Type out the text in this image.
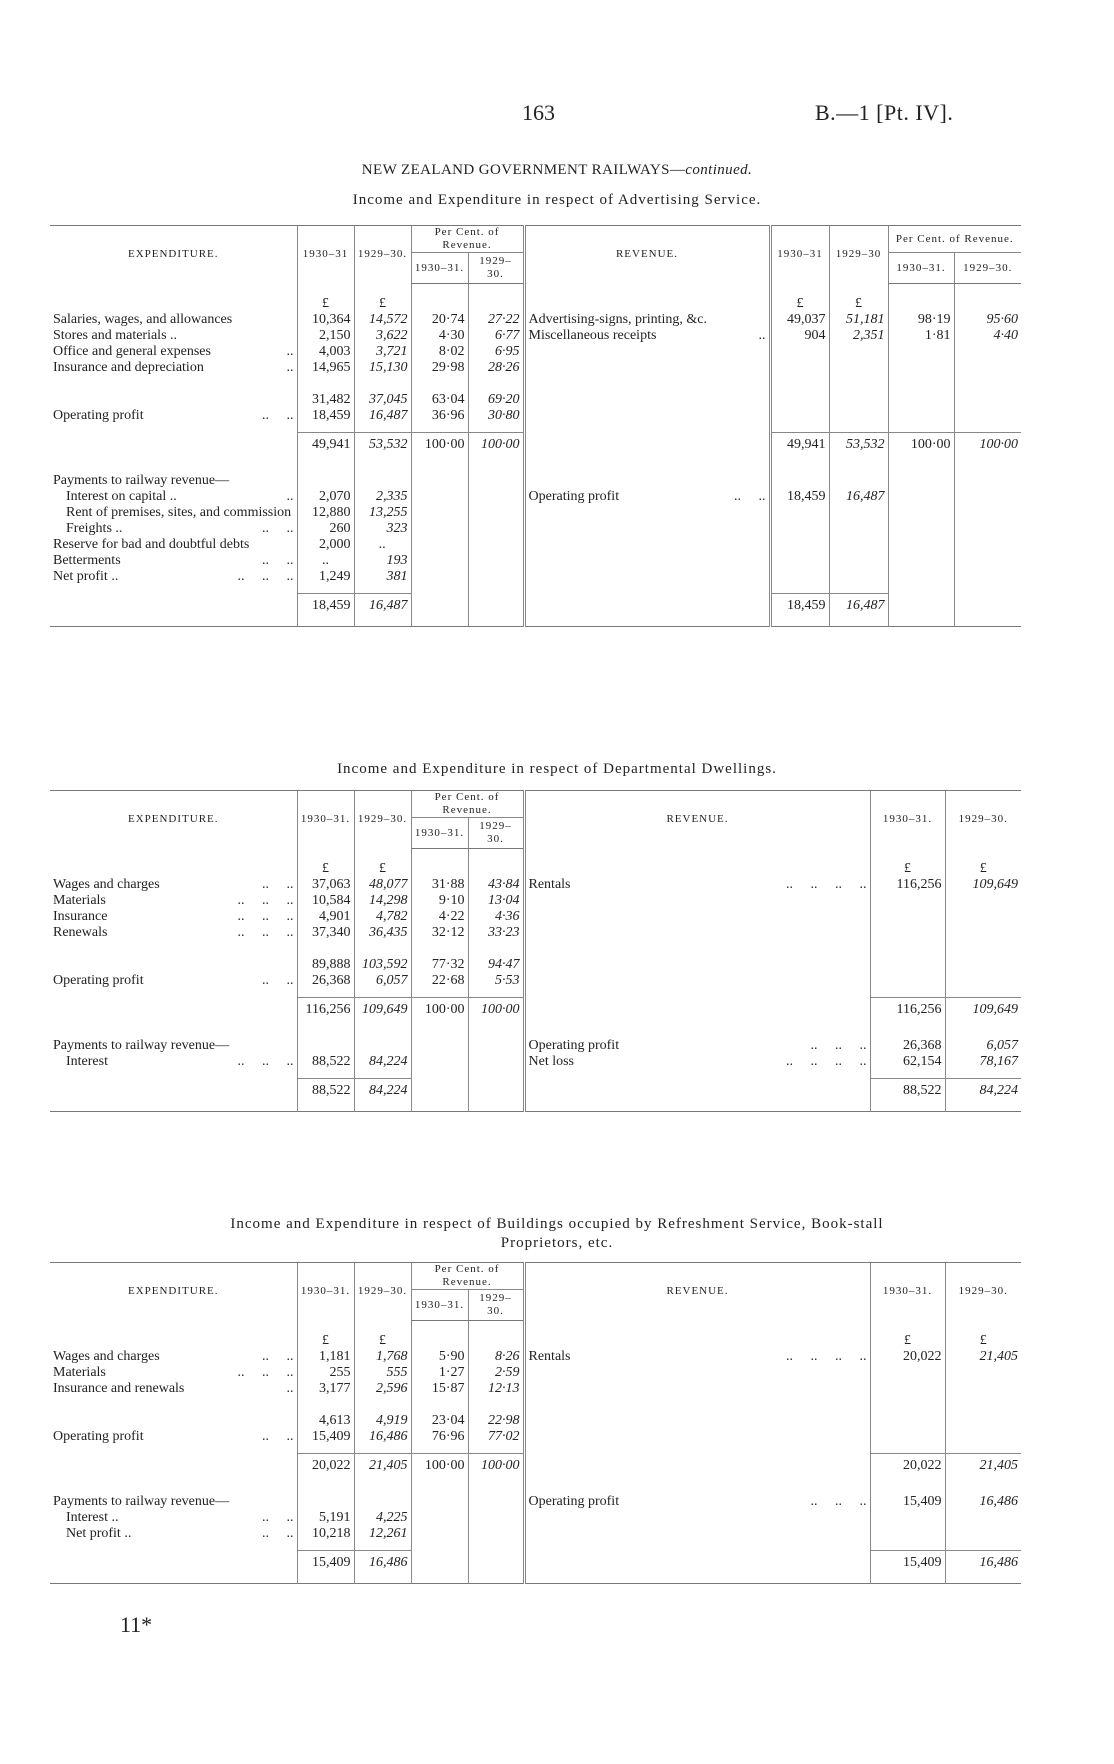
163	B.—1 [Pt. IV].
NEW ZEALAND GOVERNMENT RAILWAYS—continued.
Income and Expenditure in respect of Advertising Service.
EXPENDITURE.	1930–31	1929–30.	Per Cent. of Revenue.		REVENUE.	1930–31	1929–30	Per Cent. of Revenue.	
			1930–31.	1929–30.				1930–31.	1929–30.
	£	£				£	£		
Salaries, wages, and allowances	10,364	14,572	20·74	27·22	Advertising-signs, printing, &c.	49,037	51,181	98·19	95·60
Stores and materials ..	2,150	3,622	4·30	6·77	Miscellaneous receipts ..	904	2,351	1·81	4·40
Office and general expenses ..	4,003	3,721	8·02	6·95					
Insurance and depreciation ..	14,965	15,130	29·98	28·26					

	31,482	37,045	63·04	69·20					
Operating profit ..     ..	18,459	16,487	36·96	30·80					

	49,941	53,532	100·00	100·00		49,941	53,532	100·00	100·00

Payments to railway revenue—									
Interest on capital .. ..	2,070	2,335			Operating profit ..     ..	18,459	16,487		
Rent of premises, sites, and commission	12,880	13,255							
Freights .. ..     ..	260	323							
Reserve for bad and doubtful debts	2,000	..							
Betterments ..     ..	..	193							
Net profit .. ..     ..     ..	1,249	381							

	18,459	16,487				18,459	16,487		

Income and Expenditure in respect of Departmental Dwellings.
EXPENDITURE.	1930–31.	1929–30.	Per Cent. of Revenue.		REVENUE.	1930–31.	1929–30.
			1930–31.	1929–30.			
	£	£				£	£
Wages and charges ..     ..	37,063	48,077	31·88	43·84	Rentals ..     ..     ..     ..	116,256	109,649
Materials ..     ..     ..	10,584	14,298	9·10	13·04			
Insurance ..     ..     ..	4,901	4,782	4·22	4·36			
Renewals ..     ..     ..	37,340	36,435	32·12	33·23			

	89,888	103,592	77·32	94·47			
Operating profit ..     ..	26,368	6,057	22·68	5·53			

	116,256	109,649	100·00	100·00		116,256	109,649

Payments to railway revenue—					Operating profit ..     ..     ..	26,368	6,057
Interest ..     ..     ..	88,522	84,224			Net loss ..     ..     ..     ..	62,154	78,167

	88,522	84,224				88,522	84,224

Income and Expenditure in respect of Buildings occupied by Refreshment Service, Book-stall
Proprietors, etc.
EXPENDITURE.	1930–31.	1929–30.	Per Cent. of Revenue.		REVENUE.	1930–31.	1929–30.
			1930–31.	1929–30.			
	£	£				£	£
Wages and charges ..     ..	1,181	1,768	5·90	8·26	Rentals ..     ..     ..     ..	20,022	21,405
Materials ..     ..     ..	255	555	1·27	2·59			
Insurance and renewals ..	3,177	2,596	15·87	12·13			

	4,613	4,919	23·04	22·98			
Operating profit ..     ..	15,409	16,486	76·96	77·02			

	20,022	21,405	100·00	100·00		20,022	21,405

Payments to railway revenue—					Operating profit ..     ..     ..	15,409	16,486
Interest .. ..     ..	5,191	4,225					
Net profit .. ..     ..	10,218	12,261					

	15,409	16,486				15,409	16,486

11*
